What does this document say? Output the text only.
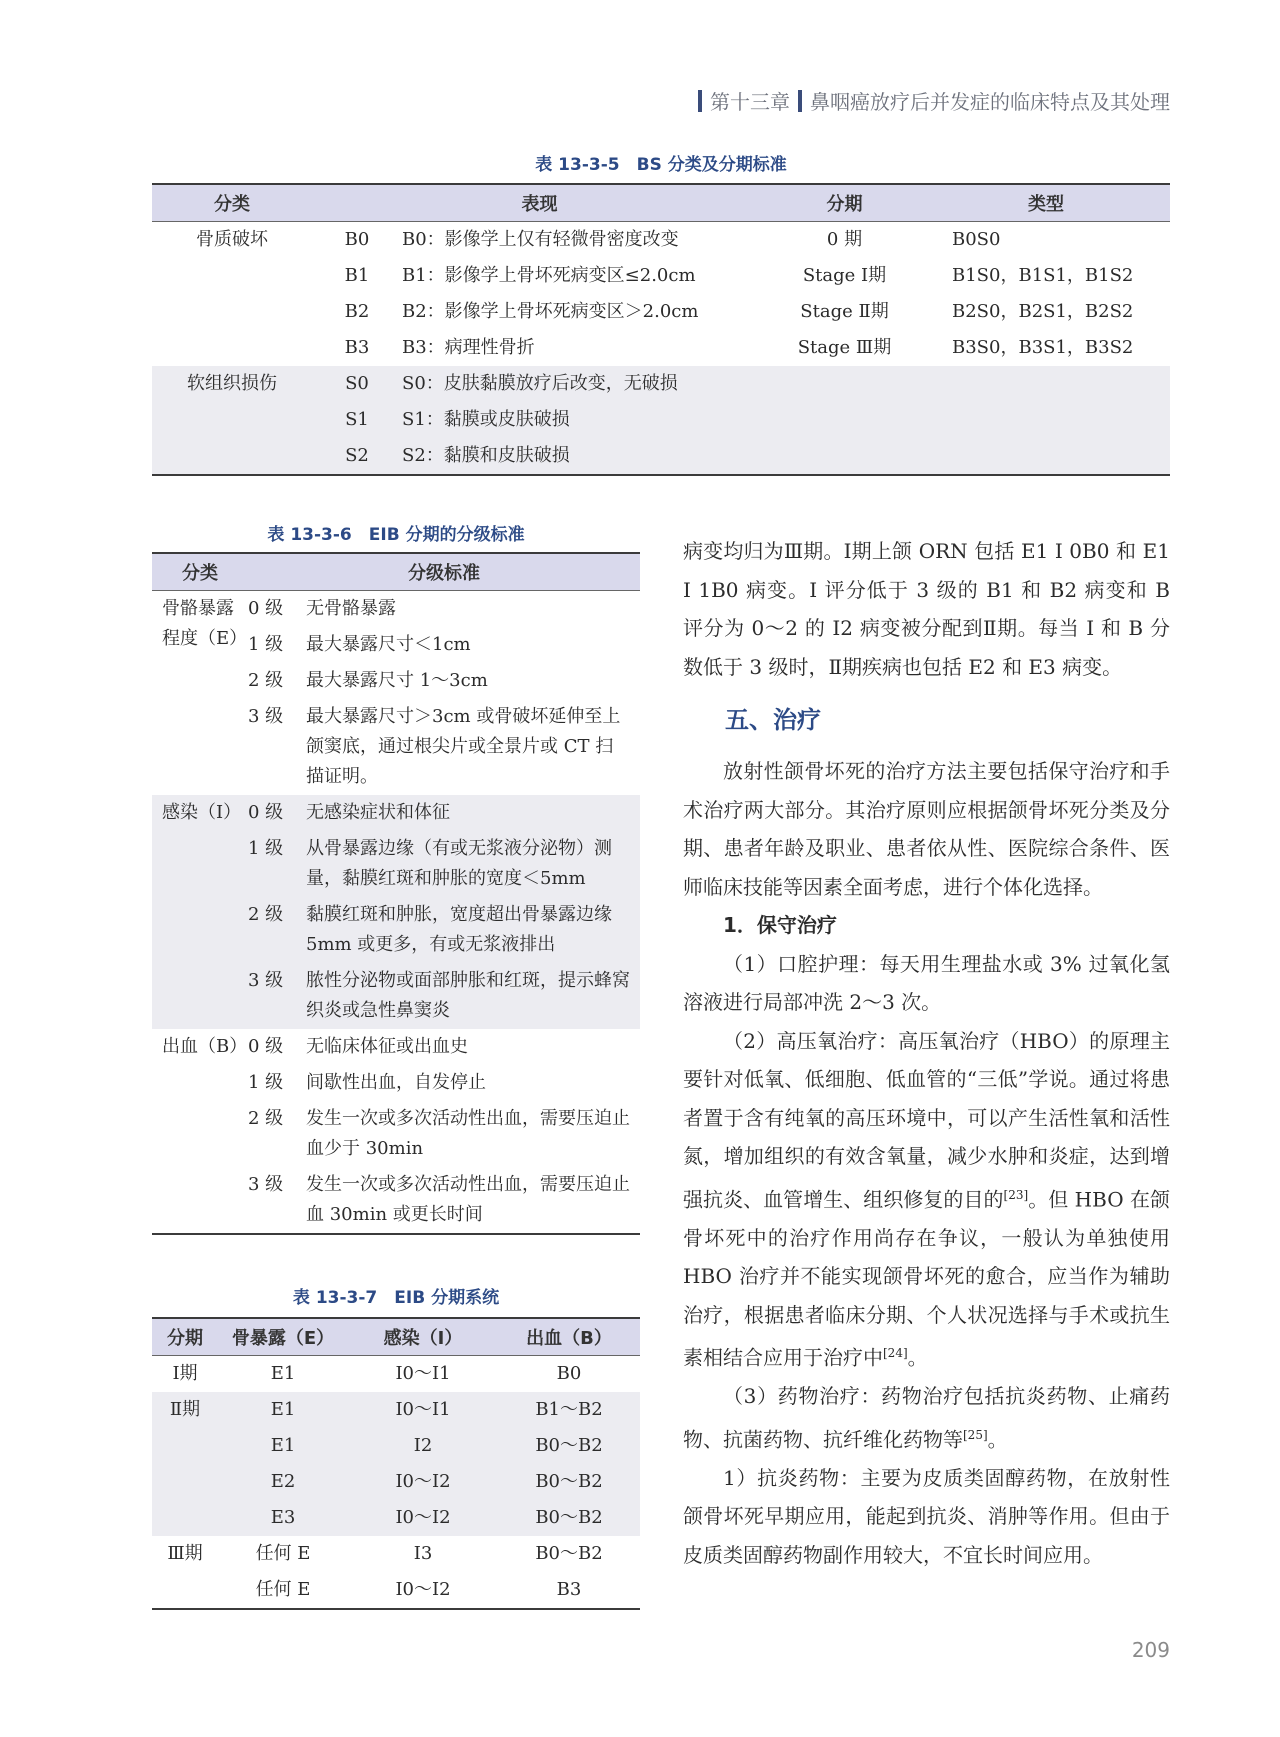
第十三章 鼻咽癌放疗后并发症的临床特点及其处理
表 13-3-5　BS 分类及分期标准
分类	表现		分期	类型
骨质破坏	B0	B0：影像学上仅有轻微骨密度改变	0 期	B0S0
	B1	B1：影像学上骨坏死病变区≤2.0cm	Stage Ⅰ期	B1S0，B1S1，B1S2
	B2	B2：影像学上骨坏死病变区＞2.0cm	Stage Ⅱ期	B2S0，B2S1，B2S2
	B3	B3：病理性骨折	Stage Ⅲ期	B3S0，B3S1，B3S2
软组织损伤	S0	S0：皮肤黏膜放疗后改变，无破损		
	S1	S1：黏膜或皮肤破损		
	S2	S2：黏膜和皮肤破损		
表 13-3-6　EIB 分期的分级标准
分类	分级标准	
骨骼暴露程度（E）	0 级	无骨骼暴露
	1 级	最大暴露尺寸＜1cm
	2 级	最大暴露尺寸 1～3cm
	3 级	最大暴露尺寸＞3cm 或骨破坏延伸至上颌窦底，通过根尖片或全景片或 CT 扫描证明。
感染（I）	0 级	无感染症状和体征
	1 级	从骨暴露边缘（有或无浆液分泌物）测量，黏膜红斑和肿胀的宽度＜5mm
	2 级	黏膜红斑和肿胀，宽度超出骨暴露边缘 5mm 或更多，有或无浆液排出
	3 级	脓性分泌物或面部肿胀和红斑，提示蜂窝织炎或急性鼻窦炎
出血（B）	0 级	无临床体征或出血史
	1 级	间歇性出血，自发停止
	2 级	发生一次或多次活动性出血，需要压迫止血少于 30min
	3 级	发生一次或多次活动性出血，需要压迫止血 30min 或更长时间
表 13-3-7　EIB 分期系统
分期	骨暴露（E）	感染（I）	出血（B）
Ⅰ期	E1	I0～I1	B0
Ⅱ期	E1	I0～I1	B1～B2
	E1	I2	B0～B2
	E2	I0～I2	B0～B2
	E3	I0～I2	B0～B2
Ⅲ期	任何 E	I3	B0～B2
	任何 E	I0～I2	B3

病变均归为Ⅲ期。Ⅰ期上颌 ORN 包括 E1 I 0B0 和 E1 I 1B0 病变。I 评分低于 3 级的 B1 和 B2 病变和 B 评分为 0～2 的 I2 病变被分配到Ⅱ期。每当 I 和 B 分数低于 3 级时，Ⅱ期疾病也包括 E2 和 E3 病变。

五、治疗

放射性颌骨坏死的治疗方法主要包括保守治疗和手术治疗两大部分。其治疗原则应根据颌骨坏死分类及分期、患者年龄及职业、患者依从性、医院综合条件、医师临床技能等因素全面考虑，进行个体化选择。

1．保守治疗

（1）口腔护理：每天用生理盐水或 3% 过氧化氢溶液进行局部冲洗 2～3 次。

（2）高压氧治疗：高压氧治疗（HBO）的原理主要针对低氧、低细胞、低血管的“三低”学说。通过将患者置于含有纯氧的高压环境中，可以产生活性氧和活性氮，增加组织的有效含氧量，减少水肿和炎症，达到增强抗炎、血管增生、组织修复的目的[23]。但 HBO 在颌骨坏死中的治疗作用尚存在争议，一般认为单独使用 HBO 治疗并不能实现颌骨坏死的愈合，应当作为辅助治疗，根据患者临床分期、个人状况选择与手术或抗生素相结合应用于治疗中[24]。

（3）药物治疗：药物治疗包括抗炎药物、止痛药物、抗菌药物、抗纤维化药物等[25]。

1）抗炎药物：主要为皮质类固醇药物，在放射性颌骨坏死早期应用，能起到抗炎、消肿等作用。但由于皮质类固醇药物副作用较大，不宜长时间应用。

209
